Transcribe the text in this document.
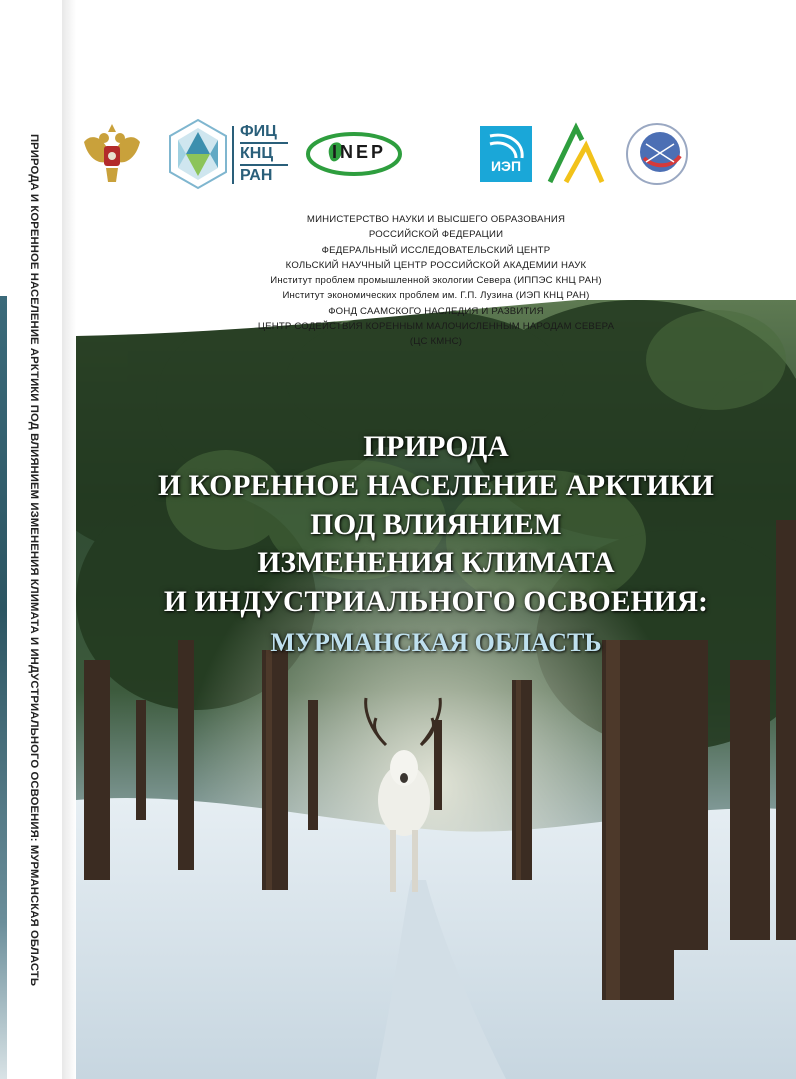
ПРИРОДА И КОРЕННОЕ НАСЕЛЕНИЕ АРКТИКИ ПОД ВЛИЯНИЕМ ИЗМЕНЕНИЯ КЛИМАТА И ИНДУСТРИАЛЬНОГО ОСВОЕНИЯ: МУРМАНСКАЯ ОБЛАСТЬ
ФИЦ
КНЦ
РАН
INEP
ИЭП
МИНИСТЕРСТВО НАУКИ И ВЫСШЕГО ОБРАЗОВАНИЯ
РОССИЙСКОЙ ФЕДЕРАЦИИ
ФЕДЕРАЛЬНЫЙ ИССЛЕДОВАТЕЛЬСКИЙ ЦЕНТР
КОЛЬСКИЙ НАУЧНЫЙ ЦЕНТР РОССИЙСКОЙ АКАДЕМИИ НАУК
Институт проблем промышленной экологии Севера (ИППЭС КНЦ РАН)
Институт экономических проблем им. Г.П. Лузина (ИЭП КНЦ РАН)
ФОНД СААМСКОГО НАСЛЕДИЯ И РАЗВИТИЯ
ЦЕНТР СОДЕЙСТВИЯ КОРЕННЫМ МАЛОЧИСЛЕННЫМ НАРОДАМ СЕВЕРА
(ЦС КМНС)
ПРИРОДА
И КОРЕННОЕ НАСЕЛЕНИЕ АРКТИКИ
ПОД ВЛИЯНИЕМ
ИЗМЕНЕНИЯ КЛИМАТА
И ИНДУСТРИАЛЬНОГО ОСВОЕНИЯ:
МУРМАНСКАЯ ОБЛАСТЬ
